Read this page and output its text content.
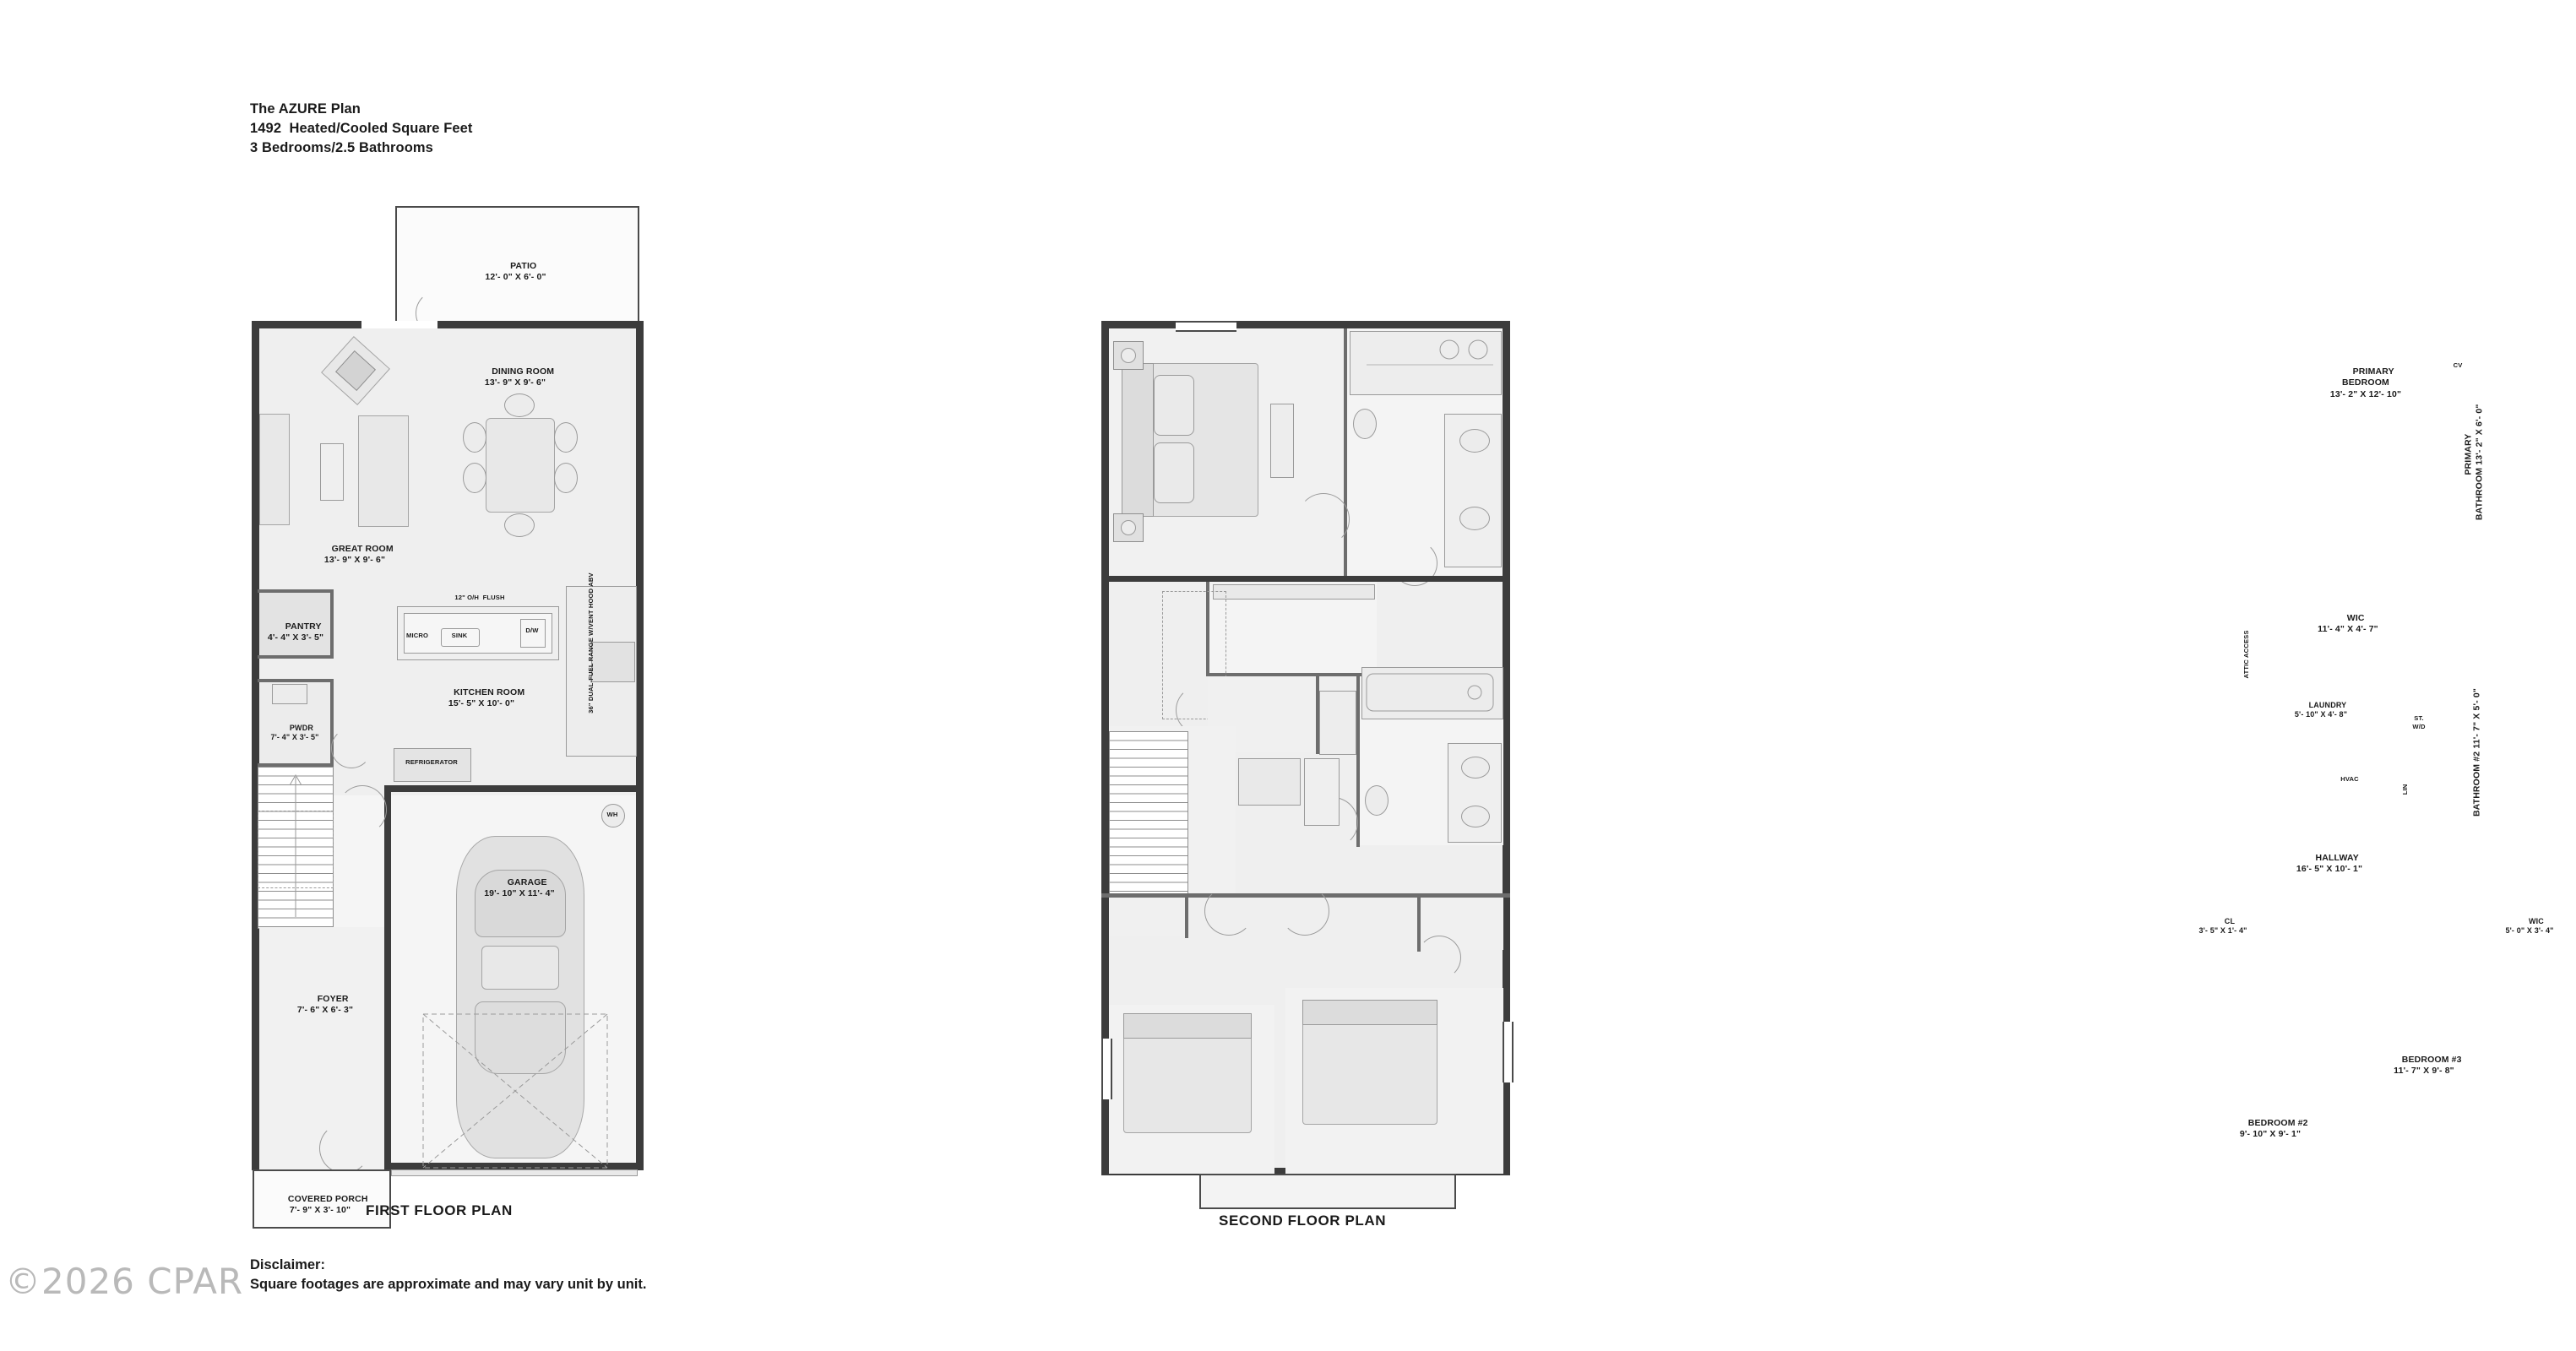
The AZURE Plan
1492  Heated/Cooled Square Feet
3 Bedrooms/2.5 Bathrooms

PATIO
12'- 0" X 6'- 0"

DINING ROOM
13'- 9" X 9'- 6"

GREAT ROOM
13'- 9" X 9'- 6"

PANTRY
4'- 4" X 3'- 5"

PWDR
7'- 4" X 3'- 5"

12" O/H  FLUSH
D/W
SINK
MICRO	36" DUAL-FUEL RANGE W/VENT HOOD ABV

KITCHEN ROOM
15'- 5" X 10'- 0"

REFRIGERATOR
WH

GARAGE
19'- 10" X 11'- 4"

FOYER
7'- 6" X 6'- 3"

COVERED PORCH
7'- 9" X 3'- 10"

PRIMARY
BEDROOM
13'- 2" X 12'- 10"

PRIMARY
BATHROOM 13'- 2" X 6'- 0"

CV

WIC
11'- 4" X 4'- 7"

ATTIC ACCESS

LAUNDRY
5'- 10" X 4'- 8"
	ST.
W/D

BATHROOM #2 11'- 7" X 5'- 0"

HVAC
LIN

HALLWAY
16'- 5" X 10'- 1"

CL
3'- 5" X 1'- 4"

WIC
5'- 0" X 3'- 4"

BEDROOM #2
9'- 10" X 9'- 1"

BEDROOM #3
11'- 7" X 9'- 8"

FIRST FLOOR PLAN
SECOND FLOOR PLAN
Disclaimer:
Square footages are approximate and may vary unit by unit.
©2026 CPAR
